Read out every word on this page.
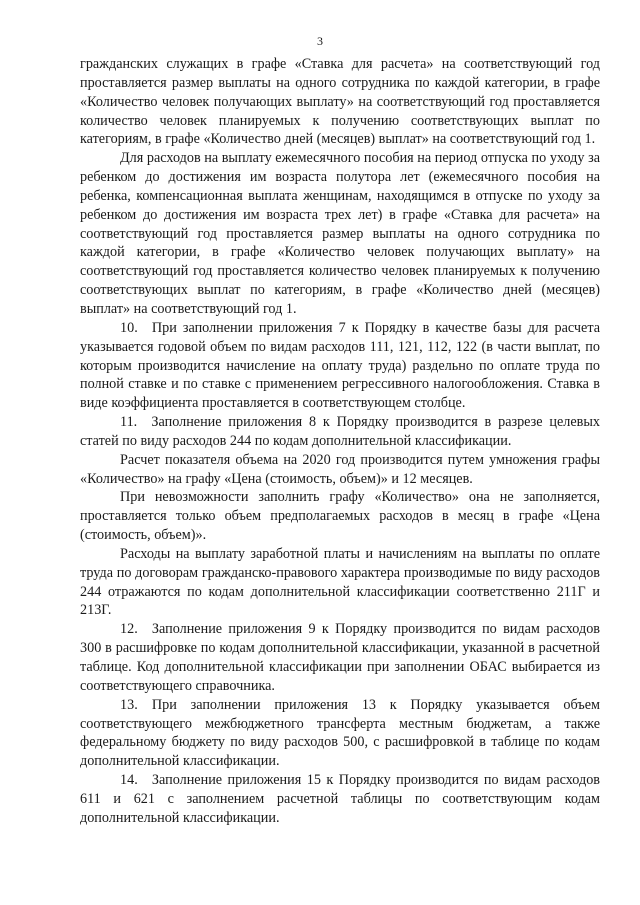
3

гражданских служащих в графе «Ставка для расчета» на соответствующий год проставляется размер выплаты на одного сотрудника по каждой категории, в графе «Количество человек получающих выплату» на соответствующий год проставляется количество человек планируемых к получению соответствующих выплат по категориям, в графе «Количество дней (месяцев) выплат» на соответствующий год 1.

Для расходов на выплату ежемесячного пособия на период отпуска по уходу за ребенком до достижения им возраста полутора лет (ежемесячного пособия на ребенка, компенсационная выплата женщинам, находящимся в отпуске по уходу за ребенком до достижения им возраста трех лет) в графе «Ставка для расчета» на соответствующий год проставляется размер выплаты на одного сотрудника по каждой категории, в графе «Количество человек получающих выплату» на соответствующий год проставляется количество человек планируемых к получению соответствующих выплат по категориям, в графе «Количество дней (месяцев) выплат» на соответствующий год 1.

10. При заполнении приложения 7 к Порядку в качестве базы для расчета указывается годовой объем по видам расходов 111, 121, 112, 122 (в части выплат, по которым производится начисление на оплату труда) раздельно по оплате труда по полной ставке и по ставке с применением регрессивного налогообложения. Ставка в виде коэффициента проставляется в соответствующем столбце.

11. Заполнение приложения 8 к Порядку производится в разрезе целевых статей по виду расходов 244 по кодам дополнительной классификации.

Расчет показателя объема на 2020 год производится путем умножения графы «Количество» на графу «Цена (стоимость, объем)» и 12 месяцев.

При невозможности заполнить графу «Количество» она не заполняется, проставляется только объем предполагаемых расходов в месяц в графе «Цена (стоимость, объем)».

Расходы на выплату заработной платы и начислениям на выплаты по оплате труда по договорам гражданско-правового характера производимые по виду расходов 244 отражаются по кодам дополнительной классификации соответственно 211Г и 213Г.

12. Заполнение приложения 9 к Порядку производится по видам расходов 300 в расшифровке по кодам дополнительной классификации, указанной в расчетной таблице. Код дополнительной классификации при заполнении ОБАС выбирается из соответствующего справочника.

13. При заполнении приложения 13 к Порядку указывается объем соответствующего межбюджетного трансферта местным бюджетам, а также федеральному бюджету по виду расходов 500, с расшифровкой в таблице по кодам дополнительной классификации.

14. Заполнение приложения 15 к Порядку производится по видам расходов 611 и 621 с заполнением расчетной таблицы по соответствующим кодам дополнительной классификации.
